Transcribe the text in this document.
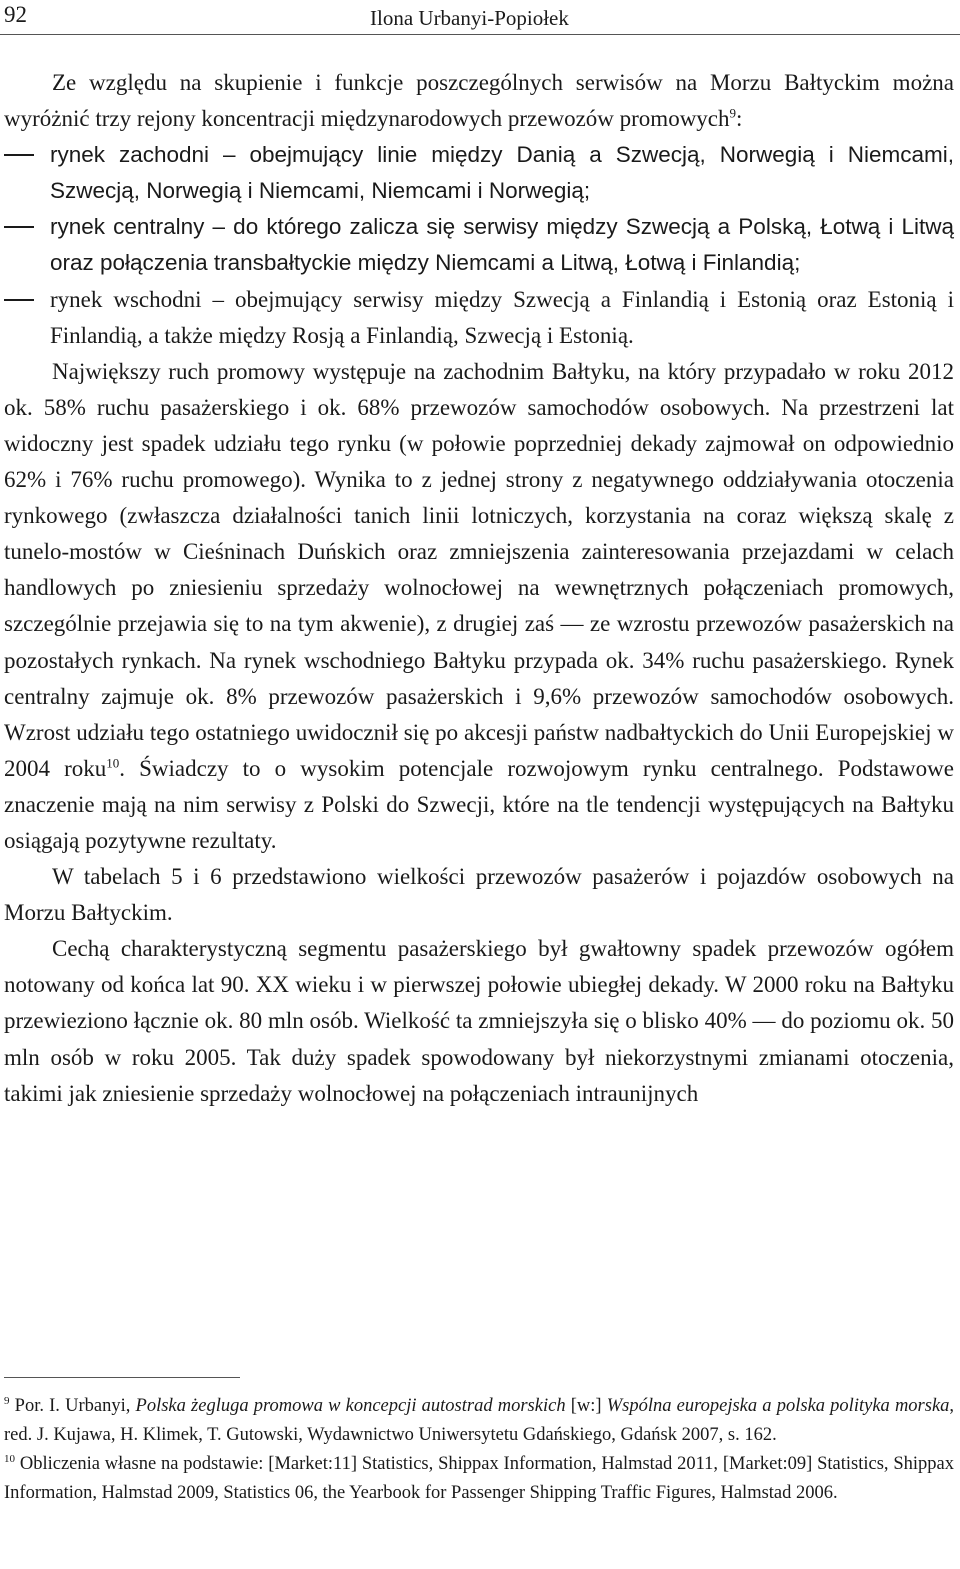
92	Ilona Urbanyi-Popiołek

Ze względu na skupienie i funkcje poszczególnych serwisów na Morzu Bałtyckim można wyróżnić trzy rejony koncentracji międzynarodowych przewozów promowych$^9$:

rynek zachodni – obejmujący linie między Danią a Szwecją, Norwegią i Niemcami, Szwecją, Norwegią i Niemcami, Niemcami i Norwegią;
rynek centralny – do którego zalicza się serwisy między Szwecją a Polską, Łotwą i Litwą oraz połączenia transbałtyckie między Niemcami a Litwą, Łotwą i Finlandią;
rynek wschodni – obejmujący serwisy między Szwecją a Finlandią i Estonią oraz Estonią i Finlandią, a także między Rosją a Finlandią, Szwecją i Estonią.

Największy ruch promowy występuje na zachodnim Bałtyku, na który przypadało w roku 2012 ok. 58% ruchu pasażerskiego i ok. 68% przewozów samochodów osobowych. Na przestrzeni lat widoczny jest spadek udziału tego rynku (w połowie poprzedniej dekady zajmował on odpowiednio 62% i 76% ruchu promowego). Wynika to z jednej strony z negatywnego oddziaływania otoczenia rynkowego (zwłaszcza działalności tanich linii lotniczych, korzystania na coraz większą skalę z tunelo-mostów w Cieśninach Duńskich oraz zmniejszenia zainteresowania przejazdami w celach handlowych po zniesieniu sprzedaży wolnocłowej na wewnętrznych połączeniach promowych, szczególnie przejawia się to na tym akwenie), z drugiej zaś — ze wzrostu przewozów pasażerskich na pozostałych rynkach. Na rynek wschodniego Bałtyku przypada ok. 34% ruchu pasażerskiego. Rynek centralny zajmuje ok. 8% przewozów pasażerskich i 9,6% przewozów samochodów osobowych. Wzrost udziału tego ostatniego uwidocznił się po akcesji państw nadbałtyckich do Unii Europejskiej w 2004 roku$^{10}$. Świadczy to o wysokim potencjale rozwojowym rynku centralnego. Podstawowe znaczenie mają na nim serwisy z Polski do Szwecji, które na tle tendencji występujących na Bałtyku osiągają pozytywne rezultaty.

W tabelach 5 i 6 przedstawiono wielkości przewozów pasażerów i pojazdów osobowych na Morzu Bałtyckim.

Cechą charakterystyczną segmentu pasażerskiego był gwałtowny spadek przewozów ogółem notowany od końca lat 90. XX wieku i w pierwszej połowie ubiegłej dekady. W 2000 roku na Bałtyku przewieziono łącznie ok. 80 mln osób. Wielkość ta zmniejszyła się o blisko 40% — do poziomu ok. 50 mln osób w roku 2005. Tak duży spadek spowodowany był niekorzystnymi zmianami otoczenia, takimi jak zniesienie sprzedaży wolnocłowej na połączeniach intraunijnych

$^9$ Por. I. Urbanyi, Polska żegluga promowa w koncepcji autostrad morskich [w:] Wspólna europejska a polska polityka morska, red. J. Kujawa, H. Klimek, T. Gutowski, Wydawnictwo Uniwersytetu Gdańskiego, Gdańsk 2007, s. 162.

$^{10}$ Obliczenia własne na podstawie: [Market:11] Statistics, Shippax Information, Halmstad 2011, [Market:09] Statistics, Shippax Information, Halmstad 2009, Statistics 06, the Yearbook for Passenger Shipping Traffic Figures, Halmstad 2006.
